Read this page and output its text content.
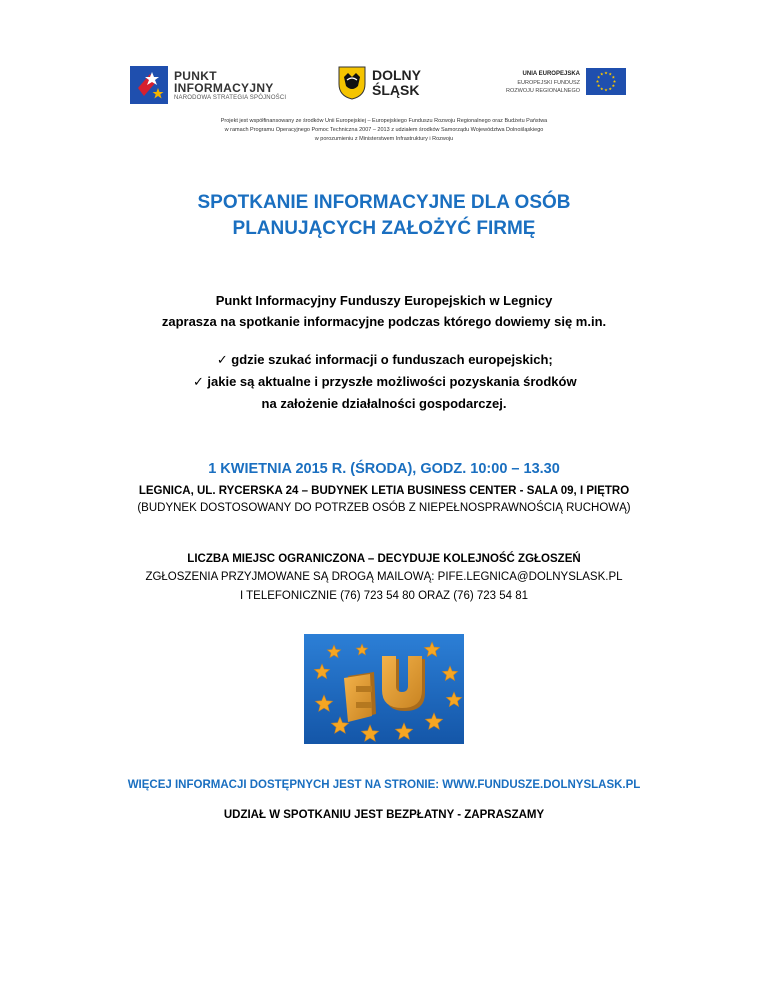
PUNKT
INFORMACYJNY
NARODOWA STRATEGIA SPÓJNOŚCI
DOLNY
ŚLĄSK
UNIA EUROPEJSKA
EUROPEJSKI FUNDUSZ
ROZWOJU REGIONALNEGO

Projekt jest współfinansowany ze środków Unii Europejskiej – Europejskiego Funduszu Rozwoju Regionalnego oraz Budżetu Państwa

w ramach Programu Operacyjnego Pomoc Techniczna 2007 – 2013 z udziałem środków Samorządu Województwa Dolnośląskiego

w porozumieniu z Ministerstwem Infrastruktury i Rozwoju

SPOTKANIE INFORMACYJNE DLA OSÓB
PLANUJĄCYCH ZAŁOŻYĆ FIRMĘ
Punkt Informacyjny Funduszy Europejskich w Legnicy
zaprasza na spotkanie informacyjne podczas którego dowiemy się m.in.
✓ gdzie szukać informacji o funduszach europejskich;
✓ jakie są aktualne i przyszłe możliwości pozyskania środków
na założenie działalności gospodarczej.
1 KWIETNIA 2015 R. (ŚRODA), GODZ. 10:00 – 13.30
LEGNICA, UL. RYCERSKA 24 – BUDYNEK LETIA BUSINESS CENTER - SALA 09, I PIĘTRO
(BUDYNEK DOSTOSOWANY DO POTRZEB OSÓB Z NIEPEŁNOSPRAWNOŚCIĄ RUCHOWĄ)
LICZBA MIEJSC OGRANICZONA – DECYDUJE KOLEJNOŚĆ ZGŁOSZEŃ
ZGŁOSZENIA PRZYJMOWANE SĄ DROGĄ MAILOWĄ: PIFE.LEGNICA@DOLNYSLASK.PL
I TELEFONICZNIE (76) 723 54 80 ORAZ (76) 723 54 81
WIĘCEJ INFORMACJI DOSTĘPNYCH JEST NA STRONIE: WWW.FUNDUSZE.DOLNYSLASK.PL
UDZIAŁ W SPOTKANIU JEST BEZPŁATNY - ZAPRASZAMY
